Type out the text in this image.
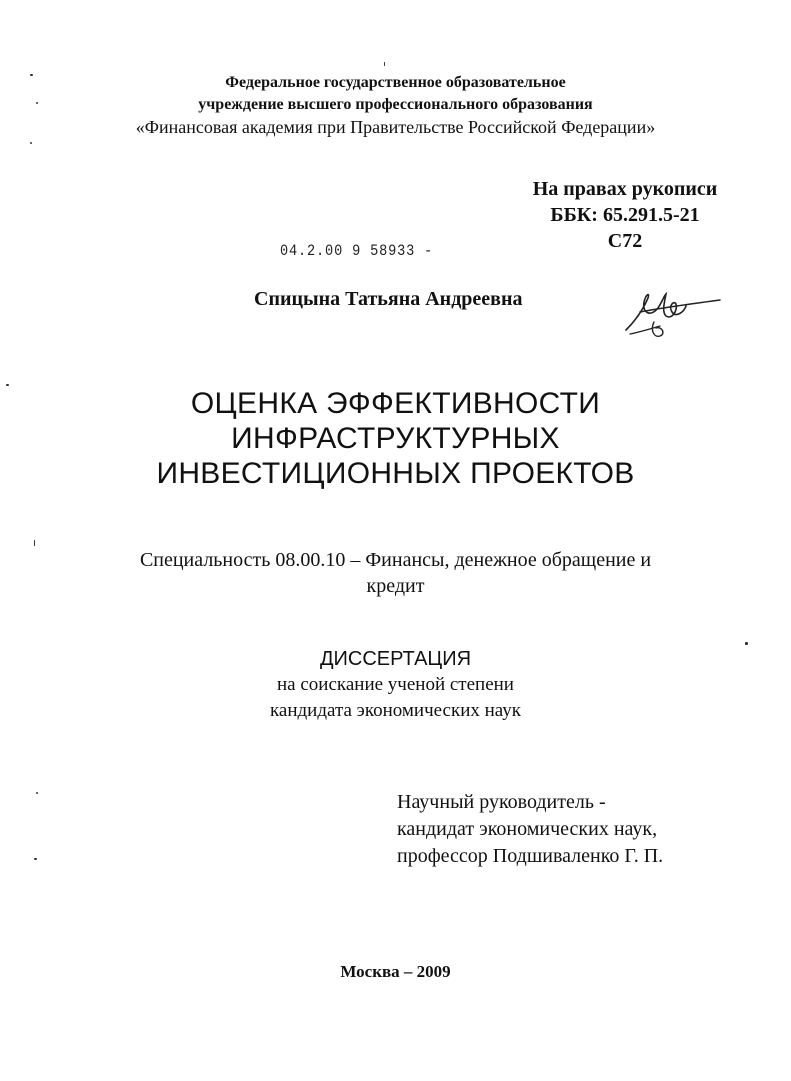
Федеральное государственное образовательное
учреждение высшего профессионального образования
«Финансовая академия при Правительстве Российской Федерации»
На правах рукописи
ББК: 65.291.5-21
С72
04.2.00 9 58933 -
Спицына Татьяна Андреевна
ОЦЕНКА ЭФФЕКТИВНОСТИ
ИНФРАСТРУКТУРНЫХ
ИНВЕСТИЦИОННЫХ ПРОЕКТОВ
Специальность 08.00.10 – Финансы, денежное обращение и
кредит
ДИССЕРТАЦИЯ
на соискание ученой степени
кандидата экономических наук
Научный руководитель -
кандидат экономических наук,
профессор Подшиваленко Г. П.
Москва – 2009
